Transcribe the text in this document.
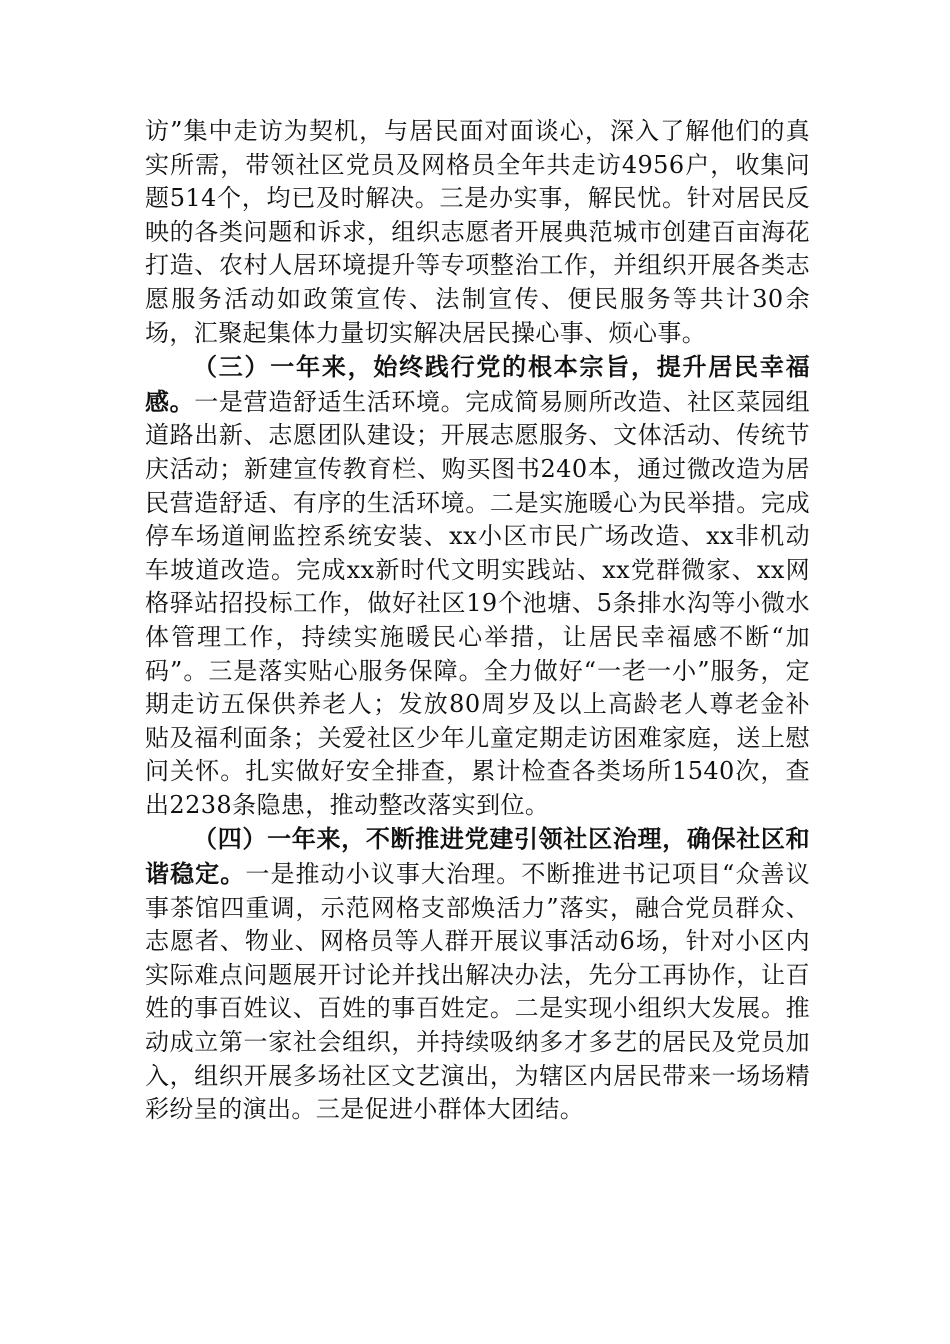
访”集中走访为契机，与居民面对面谈心，深入了解他们的真实所需，带领社区党员及网格员全年共走访4956户，收集问题514个，均已及时解决。三是办实事，解民忧。针对居民反映的各类问题和诉求，组织志愿者开展典范城市创建百亩海花打造、农村人居环境提升等专项整治工作，并组织开展各类志愿服务活动如政策宣传、法制宣传、便民服务等共计30余场，汇聚起集体力量切实解决居民操心事、烦心事。

（三）一年来，始终践行党的根本宗旨，提升居民幸福感。一是营造舒适生活环境。完成简易厕所改造、社区菜园组道路出新、志愿团队建设；开展志愿服务、文体活动、传统节庆活动；新建宣传教育栏、购买图书240本，通过微改造为居民营造舒适、有序的生活环境。二是实施暖心为民举措。完成停车场道闸监控系统安装、xx小区市民广场改造、xx非机动车坡道改造。完成xx新时代文明实践站、xx党群微家、xx网格驿站招投标工作，做好社区19个池塘、5条排水沟等小微水体管理工作，持续实施暖民心举措，让居民幸福感不断“加码”。三是落实贴心服务保障。全力做好“一老一小”服务，定期走访五保供养老人；发放80周岁及以上高龄老人尊老金补贴及福利面条；关爱社区少年儿童定期走访困难家庭，送上慰问关怀。扎实做好安全排查，累计检查各类场所1540次，查出2238条隐患，推动整改落实到位。

（四）一年来，不断推进党建引领社区治理，确保社区和谐稳定。一是推动小议事大治理。不断推进书记项目“众善议事茶馆四重调，示范网格支部焕活力”落实，融合党员群众、志愿者、物业、网格员等人群开展议事活动6场，针对小区内实际难点问题展开讨论并找出解决办法，先分工再协作，让百姓的事百姓议、百姓的事百姓定。二是实现小组织大发展。推动成立第一家社会组织，并持续吸纳多才多艺的居民及党员加入，组织开展多场社区文艺演出，为辖区内居民带来一场场精彩纷呈的演出。三是促进小群体大团结。
